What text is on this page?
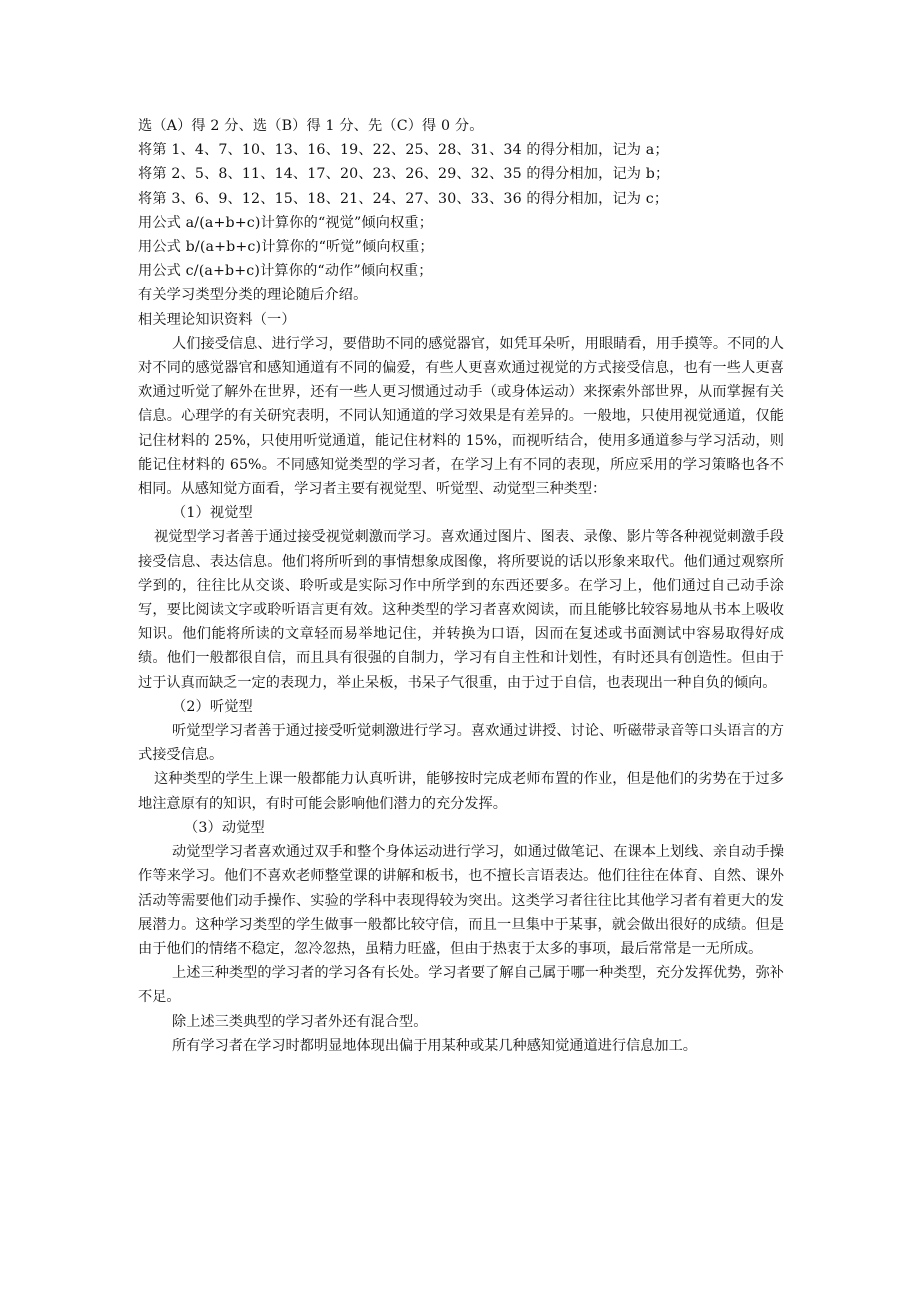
选（A）得 2 分、选（B）得 1 分、先（C）得 0 分。
将第 1、4、7、10、13、16、19、22、25、28、31、34 的得分相加，记为 a；
将第 2、5、8、11、14、17、20、23、26、29、32、35 的得分相加，记为 b；
将第 3、6、9、12、15、18、21、24、27、30、33、36 的得分相加，记为 c；
用公式 a/(a+b+c)计算你的“视觉”倾向权重；
用公式 b/(a+b+c)计算你的“听觉”倾向权重；
用公式 c/(a+b+c)计算你的“动作”倾向权重；
有关学习类型分类的理论随后介绍。
相关理论知识资料（一）

人们接受信息、进行学习，要借助不同的感觉器官，如凭耳朵听，用眼睛看，用手摸等。不同的人对不同的感觉器官和感知通道有不同的偏爱，有些人更喜欢通过视觉的方式接受信息，也有一些人更喜欢通过听觉了解外在世界，还有一些人更习惯通过动手（或身体运动）来探索外部世界，从而掌握有关信息。心理学的有关研究表明，不同认知通道的学习效果是有差异的。一般地，只使用视觉通道，仅能记住材料的 25%，只使用听觉通道，能记住材料的 15%，而视听结合，使用多通道参与学习活动，则能记住材料的 65%。不同感知觉类型的学习者，在学习上有不同的表现，所应采用的学习策略也各不相同。从感知觉方面看，学习者主要有视觉型、听觉型、动觉型三种类型：

（1）视觉型

视觉型学习者善于通过接受视觉刺激而学习。喜欢通过图片、图表、录像、影片等各种视觉刺激手段接受信息、表达信息。他们将所听到的事情想象成图像，将所要说的话以形象来取代。他们通过观察所学到的，往往比从交谈、聆听或是实际习作中所学到的东西还要多。在学习上，他们通过自己动手涂写，要比阅读文字或聆听语言更有效。这种类型的学习者喜欢阅读，而且能够比较容易地从书本上吸收知识。他们能将所读的文章轻而易举地记住，并转换为口语，因而在复述或书面测试中容易取得好成绩。他们一般都很自信，而且具有很强的自制力，学习有自主性和计划性，有时还具有创造性。但由于过于认真而缺乏一定的表现力，举止呆板，书呆子气很重，由于过于自信，也表现出一种自负的倾向。

（2）听觉型

听觉型学习者善于通过接受听觉刺激进行学习。喜欢通过讲授、讨论、听磁带录音等口头语言的方式接受信息。

这种类型的学生上课一般都能力认真听讲，能够按时完成老师布置的作业，但是他们的劣势在于过多地注意原有的知识，有时可能会影响他们潜力的充分发挥。

（3）动觉型

动觉型学习者喜欢通过双手和整个身体运动进行学习，如通过做笔记、在课本上划线、亲自动手操作等来学习。他们不喜欢老师整堂课的讲解和板书，也不擅长言语表达。他们往往在体育、自然、课外活动等需要他们动手操作、实验的学科中表现得较为突出。这类学习者往往比其他学习者有着更大的发展潜力。这种学习类型的学生做事一般都比较守信，而且一旦集中于某事，就会做出很好的成绩。但是由于他们的情绪不稳定，忽冷忽热，虽精力旺盛，但由于热衷于太多的事项，最后常常是一无所成。

上述三种类型的学习者的学习各有长处。学习者要了解自己属于哪一种类型，充分发挥优势，弥补不足。

除上述三类典型的学习者外还有混合型。

所有学习者在学习时都明显地体现出偏于用某种或某几种感知觉通道进行信息加工。
